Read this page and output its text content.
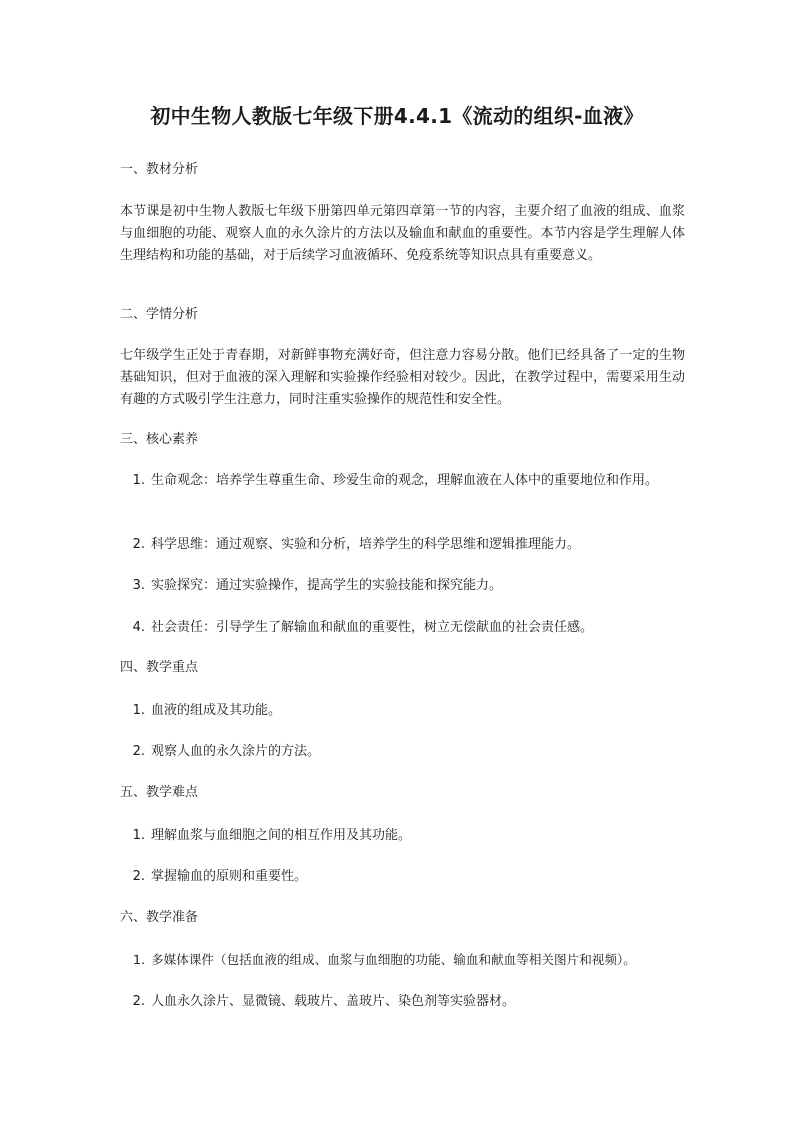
初中生物人教版七年级下册4.4.1《流动的组织-血液》
一、教材分析
本节课是初中生物人教版七年级下册第四单元第四章第一节的内容，主要介绍了血液的组成、血浆与血细胞的功能、观察人血的永久涂片的方法以及输血和献血的重要性。本节内容是学生理解人体生理结构和功能的基础，对于后续学习血液循环、免疫系统等知识点具有重要意义。
二、学情分析
七年级学生正处于青春期，对新鲜事物充满好奇，但注意力容易分散。他们已经具备了一定的生物基础知识，但对于血液的深入理解和实验操作经验相对较少。因此，在教学过程中，需要采用生动有趣的方式吸引学生注意力，同时注重实验操作的规范性和安全性。
三、核心素养
1. 生命观念：培养学生尊重生命、珍爱生命的观念，理解血液在人体中的重要地位和作用。
2. 科学思维：通过观察、实验和分析，培养学生的科学思维和逻辑推理能力。
3. 实验探究：通过实验操作，提高学生的实验技能和探究能力。
4. 社会责任：引导学生了解输血和献血的重要性，树立无偿献血的社会责任感。
四、教学重点
1. 血液的组成及其功能。
2. 观察人血的永久涂片的方法。
五、教学难点
1. 理解血浆与血细胞之间的相互作用及其功能。
2. 掌握输血的原则和重要性。
六、教学准备
1. 多媒体课件（包括血液的组成、血浆与血细胞的功能、输血和献血等相关图片和视频）。
2. 人血永久涂片、显微镜、载玻片、盖玻片、染色剂等实验器材。
